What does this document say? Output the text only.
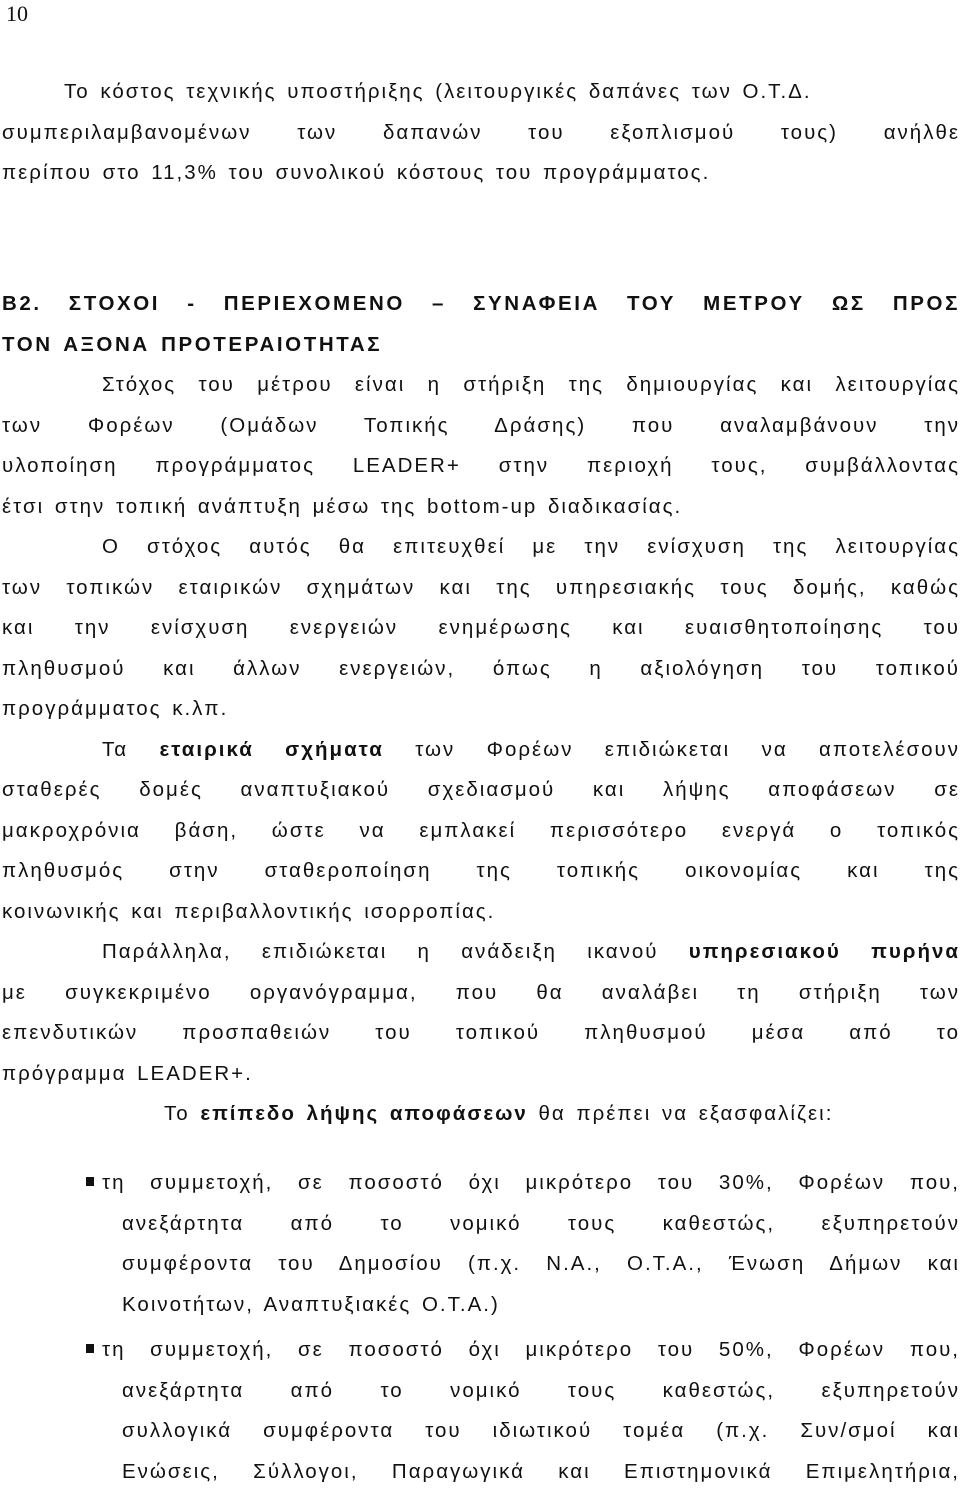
10
Το κόστος τεχνικής υποστήριξης (λειτουργικές δαπάνες των Ο.Τ.Δ.
συμπεριλαμβανομένων των δαπανών του εξοπλισμού τους) ανήλθε
περίπου στο 11,3% του συνολικού κόστους του προγράμματος.
Β2. ΣΤΟΧΟΙ - ΠΕΡΙΕΧΟΜΕΝΟ – ΣΥΝΑΦΕΙΑ ΤΟΥ ΜΕΤΡΟΥ ΩΣ ΠΡΟΣ
ΤΟΝ ΑΞΟΝΑ ΠΡΟΤΕΡΑΙΟΤΗΤΑΣ
Στόχος του μέτρου είναι η στήριξη της δημιουργίας και λειτουργίας
των Φορέων (Ομάδων Τοπικής Δράσης) που αναλαμβάνουν την
υλοποίηση προγράμματος LEADER+ στην περιοχή τους, συμβάλλοντας
έτσι στην τοπική ανάπτυξη μέσω της bottom-up διαδικασίας.
Ο στόχος αυτός θα επιτευχθεί με την ενίσχυση της λειτουργίας
των τοπικών εταιρικών σχημάτων και της υπηρεσιακής τους δομής, καθώς
και την ενίσχυση ενεργειών ενημέρωσης και ευαισθητοποίησης του
πληθυσμού και άλλων ενεργειών, όπως η αξιολόγηση του τοπικού
προγράμματος κ.λπ.
Τα εταιρικά σχήματα των Φορέων επιδιώκεται να αποτελέσουν
σταθερές δομές αναπτυξιακού σχεδιασμού και λήψης αποφάσεων σε
μακροχρόνια βάση, ώστε να εμπλακεί περισσότερο ενεργά ο τοπικός
πληθυσμός στην σταθεροποίηση της τοπικής οικονομίας και της
κοινωνικής και περιβαλλοντικής ισορροπίας.
Παράλληλα, επιδιώκεται η ανάδειξη ικανού υπηρεσιακού πυρήνα
με συγκεκριμένο οργανόγραμμα, που θα αναλάβει τη στήριξη των
επενδυτικών προσπαθειών του τοπικού πληθυσμού μέσα από το
πρόγραμμα LEADER+.
Το επίπεδο λήψης αποφάσεων θα πρέπει να εξασφαλίζει:
τη συμμετοχή, σε ποσοστό όχι μικρότερο του 30%, Φορέων που,
ανεξάρτητα από το νομικό τους καθεστώς, εξυπηρετούν
συμφέροντα του Δημοσίου (π.χ. Ν.Α., Ο.Τ.Α., Ένωση Δήμων και
Κοινοτήτων, Αναπτυξιακές Ο.Τ.Α.)
τη συμμετοχή, σε ποσοστό όχι μικρότερο του 50%, Φορέων που,
ανεξάρτητα από το νομικό τους καθεστώς, εξυπηρετούν
συλλογικά συμφέροντα του ιδιωτικού τομέα (π.χ. Συν/σμοί και
Ενώσεις, Σύλλογοι, Παραγωγικά και Επιστημονικά Επιμελητήρια,
